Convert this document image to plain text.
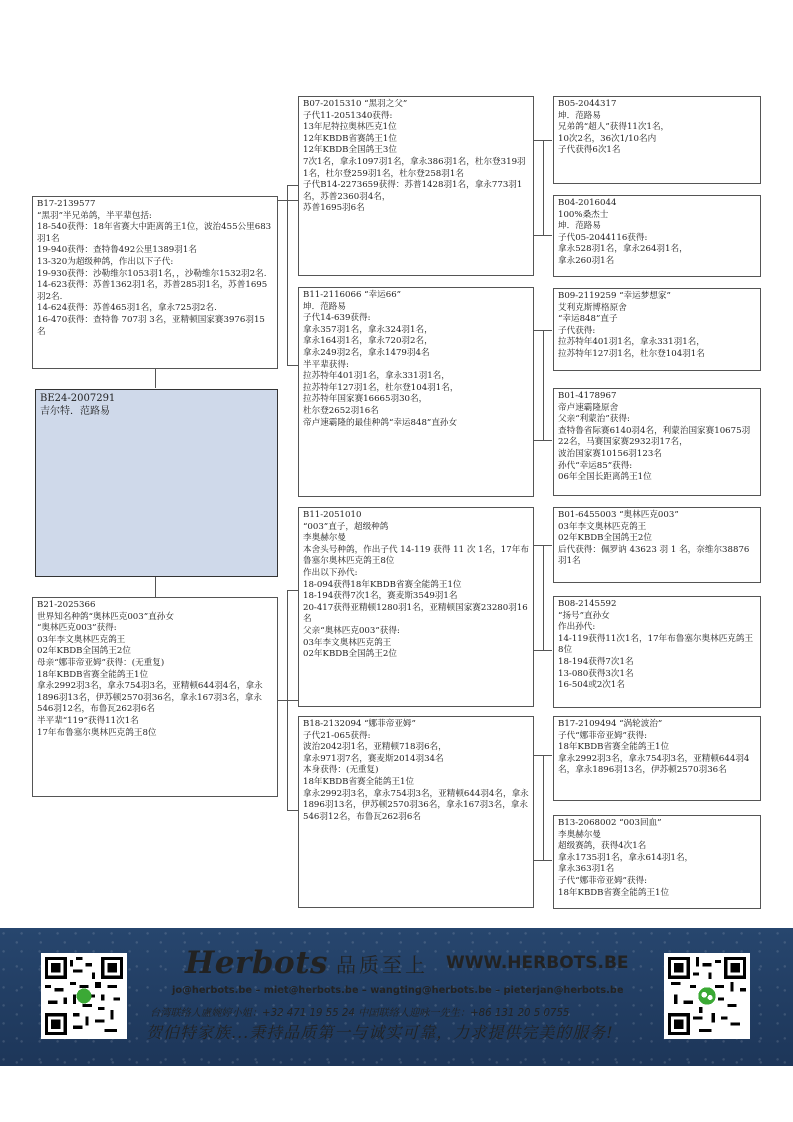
B17-2139577
“黑羽”半兄弟鸽，半平辈包括:
18-540获得：18年省赛大中距离鸽王1位，波治455公里683羽1名
19-940获得：查特鲁492公里1389羽1名
13-320为超级种鸽，作出以下子代:
19-930获得：沙勒维尔1053羽1名，，沙勒维尔1532羽2名.
14-623获得：苏普1362羽1名，苏普285羽1名，苏普1695羽2名.
14-624获得：苏普465羽1名，拿永725羽2名.
16-470获得：查特鲁 707羽 3名，亚精顿国家赛3976羽15名
BE24-2007291
吉尔特．范路易
B21-2025366
世界知名种鸽“奥林匹克003”直孙女
“奥林匹克003”获得:
03年李文奥林匹克鸽王
02年KBDB全国鸽王2位
母亲“娜菲帝亚姆”获得：(无重复)
18年KBDB省赛全能鸽王1位
拿永2992羽3名，拿永754羽3名，亚精顿644羽4名，拿永1896羽13名，伊苏顿2570羽36名，拿永167羽3名，拿永546羽12名，布鲁瓦262羽6名
半平辈“119”获得11次1名
17年布鲁塞尔奥林匹克鸽王8位
B07-2015310 “黑羽之父”
子代11-2051340获得:
13年尼特拉奥林匹克1位
12年KBDB省赛鸽王1位
12年KBDB全国鸽王3位
7次1名，拿永1097羽1名，拿永386羽1名，杜尔登319羽1名，杜尔登259羽1名，杜尔登258羽1名
子代B14-2273659获得：苏普1428羽1名，拿永773羽1名，苏普2360羽4名，
苏普1695羽6名
B11-2116066 “幸运66”
坤．范路易
子代14-639获得:
拿永357羽1名，拿永324羽1名，
拿永164羽1名，拿永720羽2名，
拿永249羽2名，拿永1479羽4名
半平辈获得:
拉苏特年401羽1名，拿永331羽1名，
拉苏特年127羽1名，杜尔登104羽1名，
拉苏特年国家赛16665羽30名，
杜尔登2652羽16名
帝卢速霸隆的最佳种鸽“幸运848”直孙女
B11-2051010
“003”直子，超级种鸽
李奥赫尔曼
本舍头号种鸽，作出子代 14-119 获得 11 次 1名，17年布鲁塞尔奥林匹克鸽王8位
作出以下孙代:
18-094获得18年KBDB省赛全能鸽王1位
18-194获得7次1名，赛麦斯3549羽1名
20-417获得亚精顿1280羽1名，亚精顿国家赛23280羽16名
父亲“奥林匹克003”获得:
03年李文奥林匹克鸽王
02年KBDB全国鸽王2位
B18-2132094 “娜菲帝亚姆”
子代21-065获得:
波治2042羽1名，亚精顿718羽6名，
拿永971羽7名，赛麦斯2014羽34名
本身获得：(无重复)
18年KBDB省赛全能鸽王1位
拿永2992羽3名，拿永754羽3名，亚精顿644羽4名，拿永1896羽13名，伊苏顿2570羽36名，拿永167羽3名，拿永546羽12名，布鲁瓦262羽6名
B05-2044317
坤．范路易
兄弟鸽“超人”获得11次1名，
10次2名，36次1/10名内
子代获得6次1名
B04-2016044
100%桑杰士
坤．范路易
子代05-2044116获得:
拿永528羽1名，拿永264羽1名，
拿永260羽1名
B09-2119259 “幸运梦想家”
艾利克斯博格原舍
“幸运848”直子
子代获得:
拉苏特年401羽1名，拿永331羽1名，
拉苏特年127羽1名，杜尔登104羽1名
B01-4178967
帝卢速霸隆原舍
父亲“利蒙治”获得:
查特鲁省际赛6140羽4名，利蒙治国家赛10675羽22名，马赛国家赛2932羽17名，
波治国家赛10156羽123名
孙代“幸运85”获得:
06年全国长距离鸽王1位
B01-6455003 “奥林匹克003”
03年李文奥林匹克鸽王
02年KBDB全国鸽王2位
后代获得：佩罗讷 43623 羽 1 名，奈维尔38876羽1名
B08-2145592
“扬号”直孙女
作出孙代:
14-119获得11次1名，17年布鲁塞尔奥林匹克鸽王8位
18-194获得7次1名
13-080获得3次1名
16-504或2次1名
B17-2109494 “涡轮波治”
子代“娜菲帝亚姆”获得:
18年KBDB省赛全能鸽王1位
拿永2992羽3名，拿永754羽3名，亚精顿644羽4名，拿永1896羽13名，伊苏顿2570羽36名
B13-2068002 “003回血”
李奥赫尔曼
超级赛鸽，获得4次1名
拿永1735羽1名，拿永614羽1名，
拿永363羽1名
子代“娜菲帝亚姆”获得:
18年KBDB省赛全能鸽王1位
Herbots 品质至上 WWW.HERBOTS.BE
jo@herbots.be – miet@herbots.be – wangting@herbots.be – pieterjan@herbots.be
台湾联络人盧婉婷小姐：+32 471 19 55 24 中国联络人迎咏一先生：+86 131 20 5 0755
贺伯特家族...秉持品质第一与诚实可靠，力求提供完美的服务!
